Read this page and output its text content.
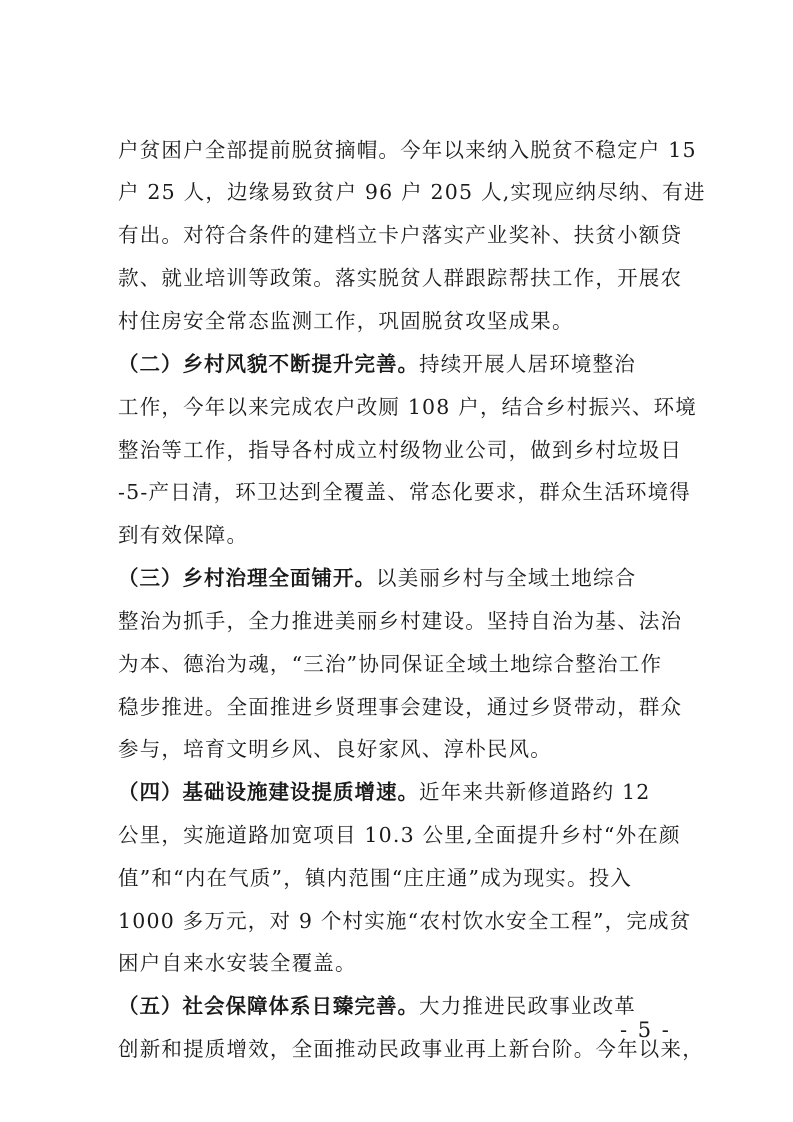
户贫困户全部提前脱贫摘帽。今年以来纳入脱贫不稳定户 15
户 25 人，边缘易致贫户 96 户 205 人,实现应纳尽纳、有进
有出。对符合条件的建档立卡户落实产业奖补、扶贫小额贷
款、就业培训等政策。落实脱贫人群跟踪帮扶工作，开展农
村住房安全常态监测工作，巩固脱贫攻坚成果。
（二）乡村风貌不断提升完善。持续开展人居环境整治
工作，今年以来完成农户改厕 108 户，结合乡村振兴、环境
整治等工作，指导各村成立村级物业公司，做到乡村垃圾日
-5-产日清，环卫达到全覆盖、常态化要求，群众生活环境得
到有效保障。
（三）乡村治理全面铺开。以美丽乡村与全域土地综合
整治为抓手，全力推进美丽乡村建设。坚持自治为基、法治
为本、德治为魂，“三治”协同保证全域土地综合整治工作
稳步推进。全面推进乡贤理事会建设，通过乡贤带动，群众
参与，培育文明乡风、良好家风、淳朴民风。
（四）基础设施建设提质增速。近年来共新修道路约 12
公里，实施道路加宽项目 10.3 公里,全面提升乡村“外在颜
值”和“内在气质”，镇内范围“庄庄通”成为现实。投入
1000 多万元，对 9 个村实施“农村饮水安全工程”，完成贫
困户自来水安装全覆盖。
（五）社会保障体系日臻完善。大力推进民政事业改革
创新和提质增效，全面推动民政事业再上新台阶。今年以来，
- 5 -
